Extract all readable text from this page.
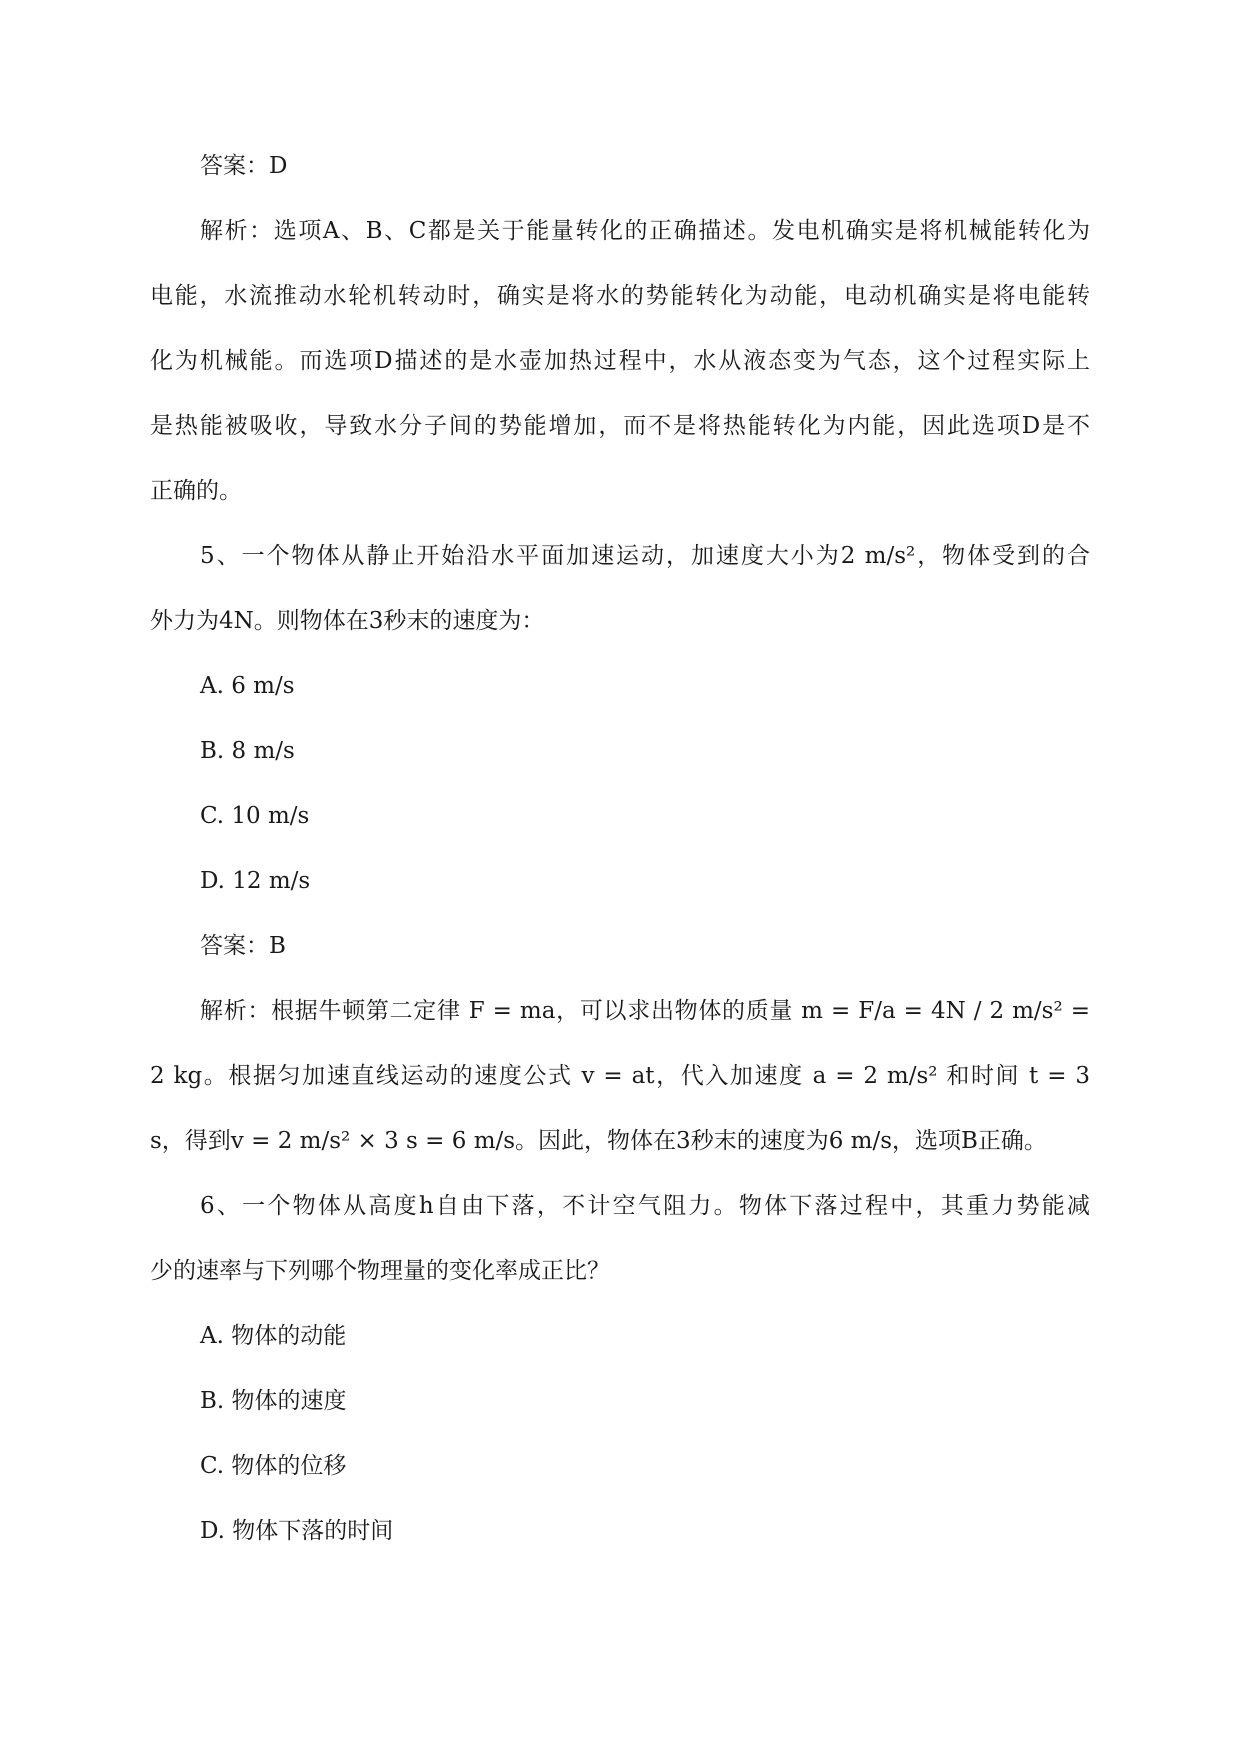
答案：D
解析：选项A、B、C都是关于能量转化的正确描述。发电机确实是将机械能转化为
电能，水流推动水轮机转动时，确实是将水的势能转化为动能，电动机确实是将电能转
化为机械能。而选项D描述的是水壶加热过程中，水从液态变为气态，这个过程实际上
是热能被吸收，导致水分子间的势能增加，而不是将热能转化为内能，因此选项D是不
正确的。
5、一个物体从静止开始沿水平面加速运动，加速度大小为2 m/s²，物体受到的合
外力为4N。则物体在3秒末的速度为：
A. 6 m/s
B. 8 m/s
C. 10 m/s
D. 12 m/s
答案：B
解析：根据牛顿第二定律 F = ma，可以求出物体的质量 m = F/a = 4N / 2 m/s² =
2 kg。根据匀加速直线运动的速度公式 v = at，代入加速度 a = 2 m/s² 和时间 t = 3
s，得到v = 2 m/s² × 3 s = 6 m/s。因此，物体在3秒末的速度为6 m/s，选项B正确。
6、一个物体从高度h自由下落，不计空气阻力。物体下落过程中，其重力势能减
少的速率与下列哪个物理量的变化率成正比？
A. 物体的动能
B. 物体的速度
C. 物体的位移
D. 物体下落的时间
